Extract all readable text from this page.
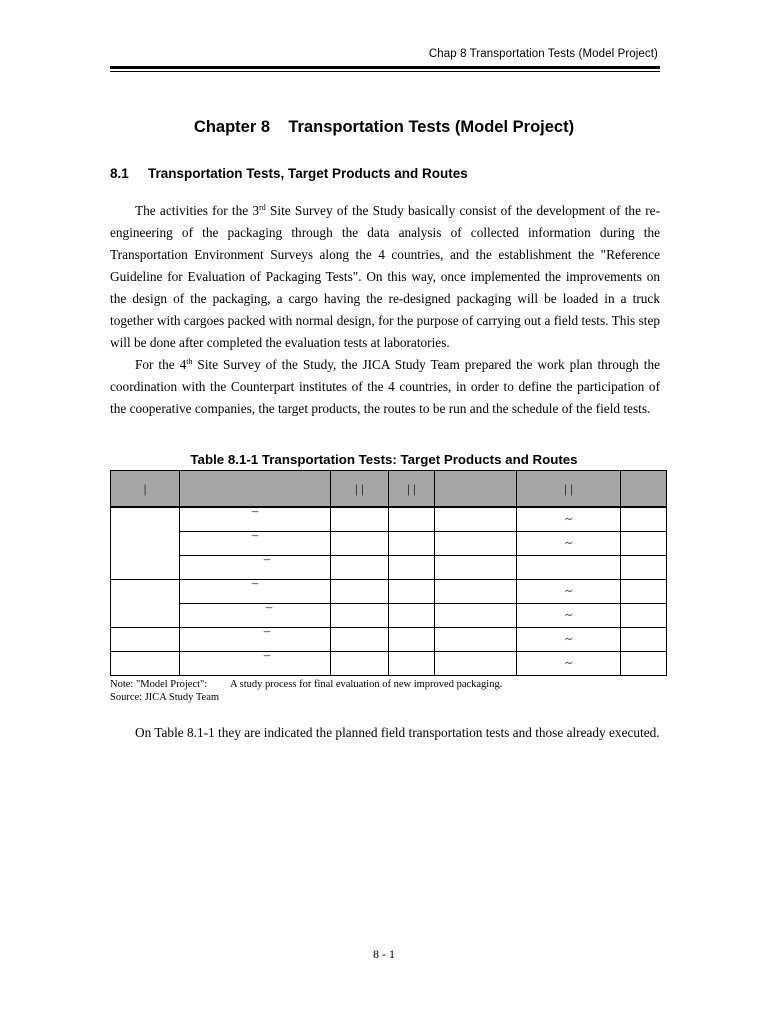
Chap 8 Transportation Tests (Model Project)
Chapter 8    Transportation Tests (Model Project)
8.1 Transportation Tests, Target Products and Routes

The activities for the 3rd Site Survey of the Study basically consist of the development of the re-engineering of the packaging through the data analysis of collected information during the Transportation Environment Surveys along the 4 countries, and the establishment the "Reference Guideline for Evaluation of Packaging Tests". On this way, once implemented the improvements on the design of the packaging, a cargo having the re-designed packaging will be loaded in a truck together with cargoes packed with normal design, for the purpose of carrying out a field tests. This step will be done after completed the evaluation tests at laboratories.

For the 4th Site Survey of the Study, the JICA Study Team prepared the work plan through the coordination with the Counterpart institutes of the 4 countries, in order to define the participation of the cooperative companies, the target products, the routes to be run and the schedule of the field tests.

Table 8.1-1 Transportation Tests: Target Products and Routes
|		| |	| |		| |	
	–				~	
	–				~	
	–					
	–				~	
	–				~	
	–				~	
	–				~	
Note: "Model Project": A study process for final evaluation of new improved packaging.
Source: JICA Study Team

On Table 8.1-1 they are indicated the planned field transportation tests and those already executed.

8 - 1
